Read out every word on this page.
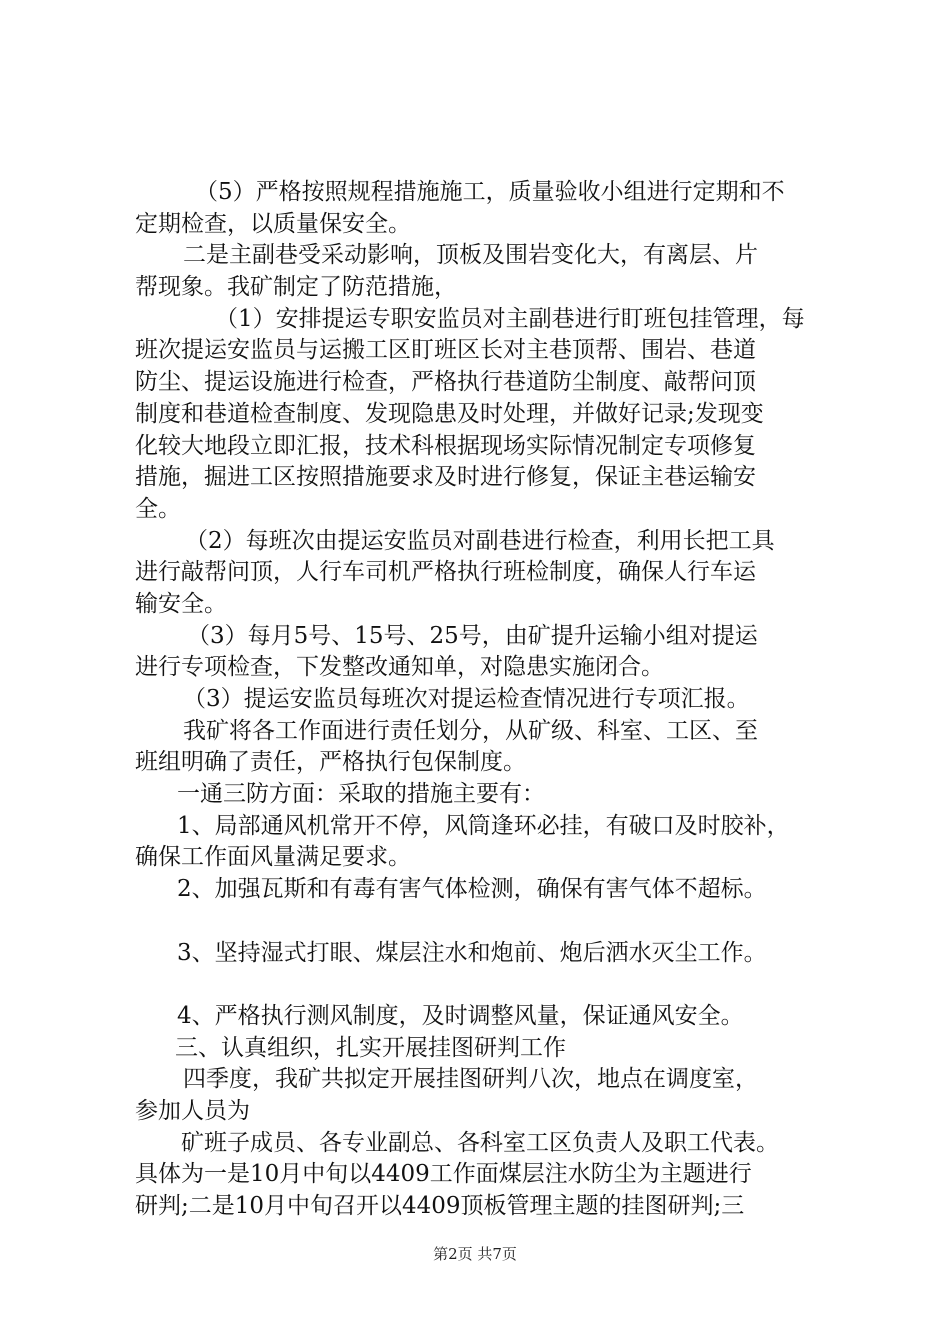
（5）严格按照规程措施施工，质量验收小组进行定期和不
定期检查，以质量保安全。
二是主副巷受采动影响，顶板及围岩变化大，有离层、片
帮现象。我矿制定了防范措施，
（1）安排提运专职安监员对主副巷进行盯班包挂管理，每
班次提运安监员与运搬工区盯班区长对主巷顶帮、围岩、巷道
防尘、提运设施进行检查，严格执行巷道防尘制度、敲帮问顶
制度和巷道检查制度、发现隐患及时处理，并做好记录;发现变
化较大地段立即汇报，技术科根据现场实际情况制定专项修复
措施，掘进工区按照措施要求及时进行修复，保证主巷运输安
全。
（2）每班次由提运安监员对副巷进行检查，利用长把工具
进行敲帮问顶，人行车司机严格执行班检制度，确保人行车运
输安全。
（3）每月5号、15号、25号，由矿提升运输小组对提运
进行专项检查，下发整改通知单，对隐患实施闭合。
（3）提运安监员每班次对提运检查情况进行专项汇报。
我矿将各工作面进行责任划分，从矿级、科室、工区、至
班组明确了责任，严格执行包保制度。
一通三防方面：采取的措施主要有：
1、局部通风机常开不停，风筒逢环必挂，有破口及时胶补，
确保工作面风量满足要求。
2、加强瓦斯和有毒有害气体检测，确保有害气体不超标。
3、坚持湿式打眼、煤层注水和炮前、炮后洒水灭尘工作。
4、严格执行测风制度，及时调整风量，保证通风安全。
三、认真组织，扎实开展挂图研判工作
四季度，我矿共拟定开展挂图研判八次，地点在调度室，
参加人员为
矿班子成员、各专业副总、各科室工区负责人及职工代表。
具体为一是10月中旬以4409工作面煤层注水防尘为主题进行
研判;二是10月中旬召开以4409顶板管理主题的挂图研判;三
第2页 共7页
